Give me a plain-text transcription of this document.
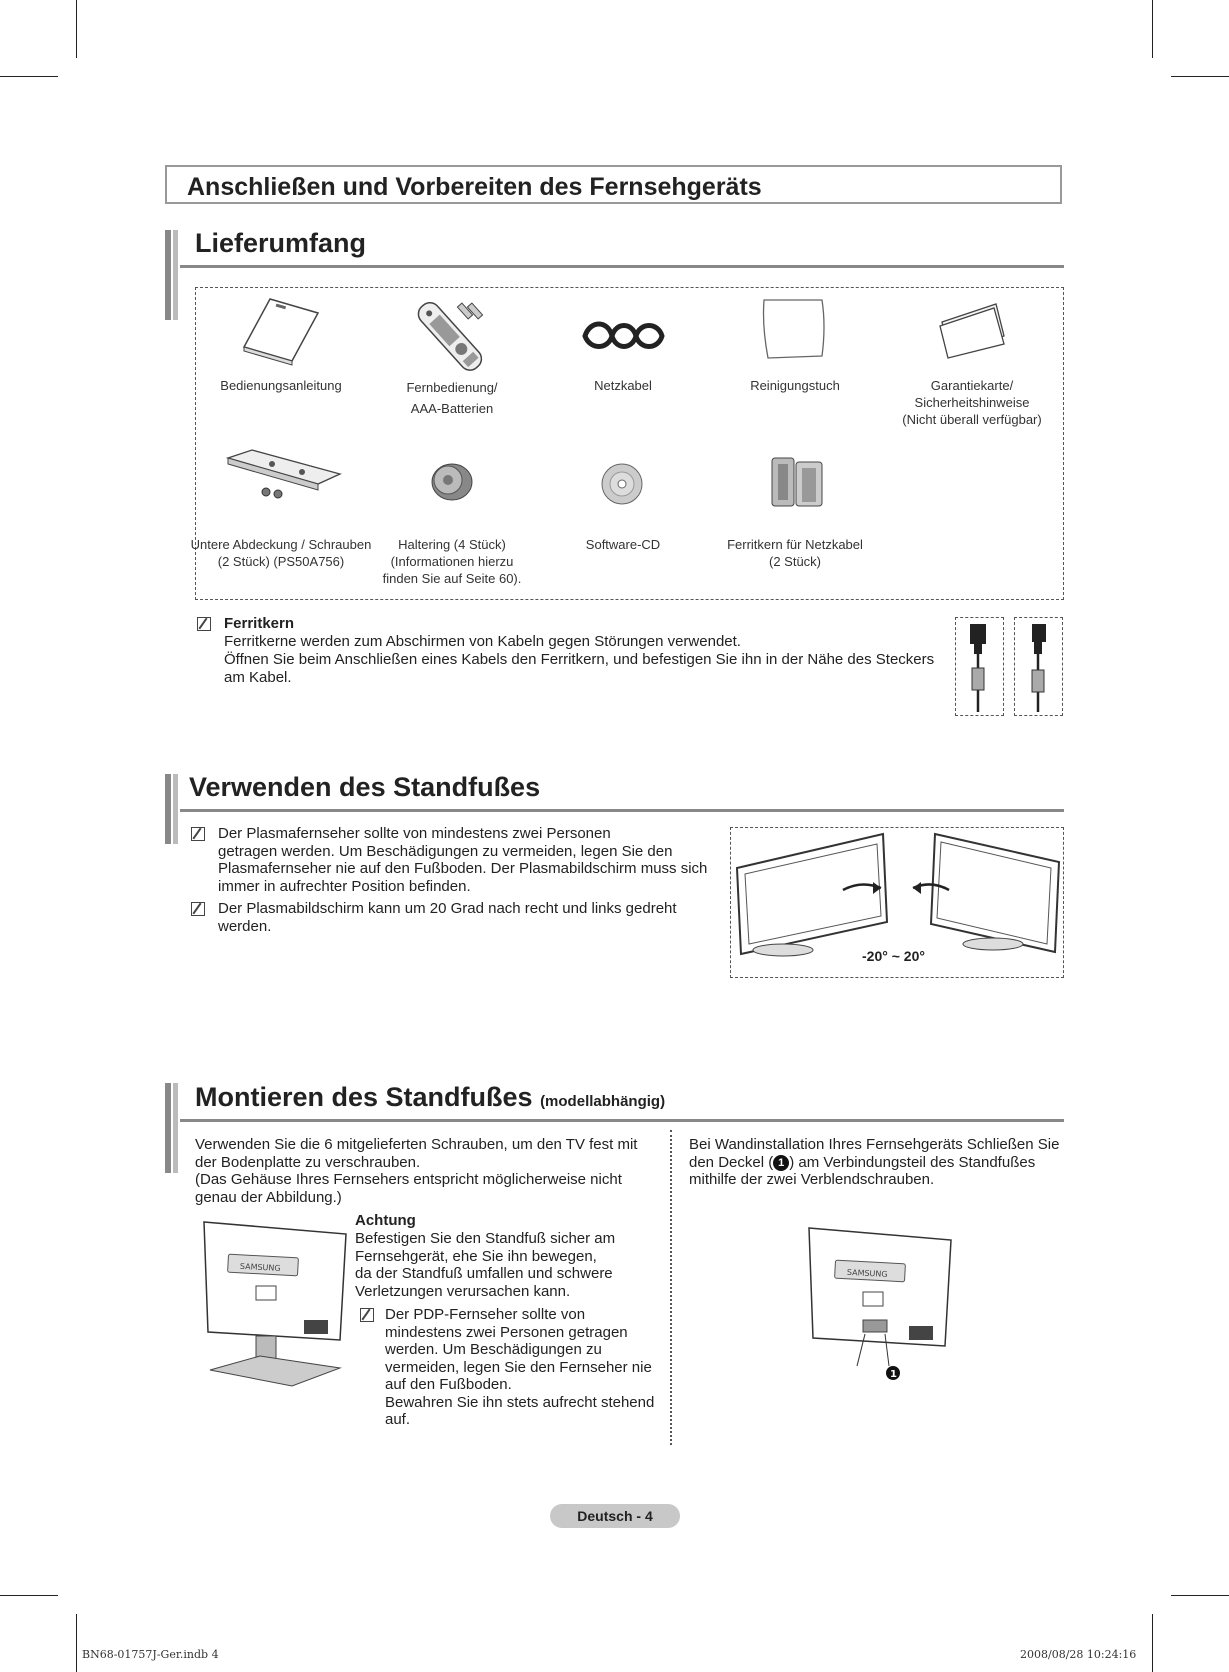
Anschließen und Vorbereiten des Fernsehgeräts
Lieferumfang
Bedienungsanleitung	Fernbedienung/
AAA-Batterien
Netzkabel	Reinigungstuch	Garantiekarte/
Sicherheitshinweise
(Nicht überall verfügbar)
Untere Abdeckung / Schrauben
(2 Stück) (PS50A756)
Haltering (4 Stück)
(Informationen hierzu
finden Sie auf Seite 60).
Software-CD	Ferritkern für Netzkabel
(2 Stück)
Ferritkern
Ferritkerne werden zum Abschirmen von Kabeln gegen Störungen verwendet.
Öffnen Sie beim Anschließen eines Kabels den Ferritkern, und befestigen Sie ihn in der Nähe des Steckers
am Kabel.
Verwenden des Standfußes
Der Plasmafernseher sollte von mindestens zwei Personen
getragen werden. Um Beschädigungen zu vermeiden, legen Sie den
Plasmafernseher nie auf den Fußboden. Der Plasmabildschirm muss sich
immer in aufrechter Position befinden.
Der Plasmabildschirm kann um 20 Grad nach recht und links gedreht
werden.
-20° ~ 20°
Montieren des Standfußes (modellabhängig)
Verwenden Sie die 6 mitgelieferten Schrauben, um den TV fest mit
der Bodenplatte zu verschrauben.
(Das Gehäuse Ihres Fernsehers entspricht möglicherweise nicht
genau der Abbildung.)
SAMSUNG
Achtung
Befestigen Sie den Standfuß sicher am
Fernsehgerät, ehe Sie ihn bewegen,
da der Standfuß umfallen und schwere
Verletzungen verursachen kann.
Der PDP-Fernseher sollte von
mindestens zwei Personen getragen
werden. Um Beschädigungen zu
vermeiden, legen Sie den Fernseher nie
auf den Fußboden.
Bewahren Sie ihn stets aufrecht stehend
auf.
Bei Wandinstallation Ihres Fernsehgeräts Schließen Sie
den Deckel ( 1 ) am Verbindungsteil des Standfußes
mithilfe der zwei Verblendschrauben.
SAMSUNG
1
Deutsch - 4
BN68-01757J-Ger.indb 4	2008/08/28 10:24:16
